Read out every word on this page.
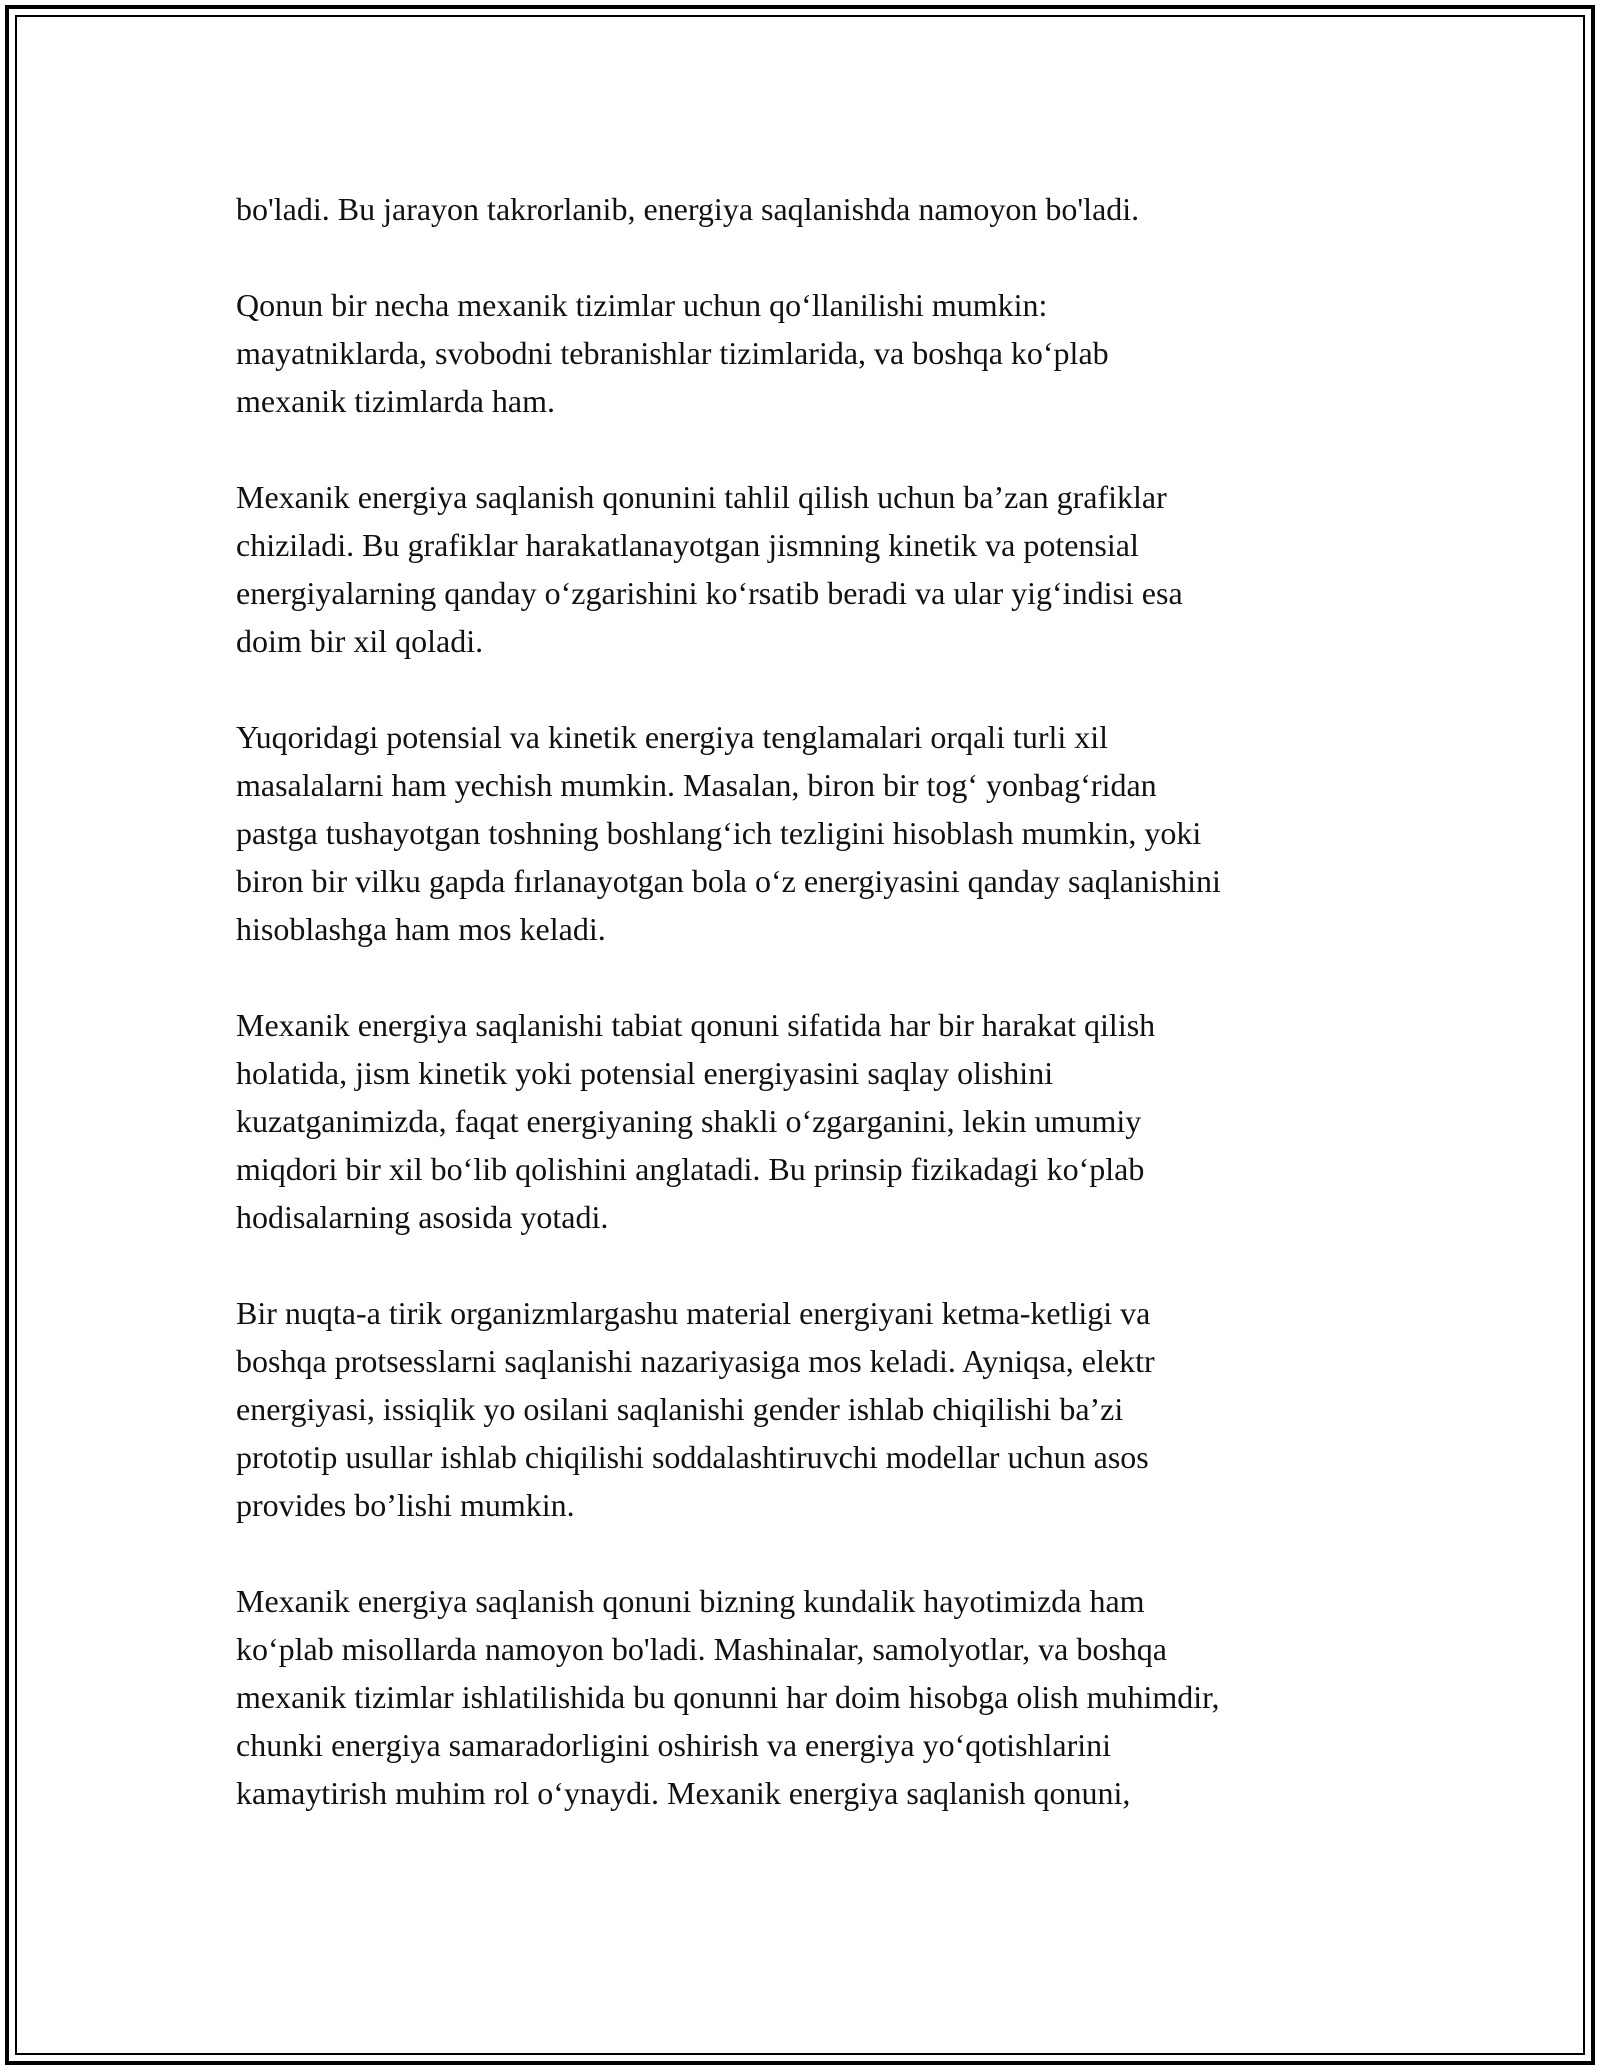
bo'ladi. Bu jarayon takrorlanib, energiya saqlanishda namoyon bo'ladi.

Qonun bir necha mexanik tizimlar uchun qo‘llanilishi mumkin:
mayatniklarda, svobodni tebranishlar tizimlarida, va boshqa ko‘plab
mexanik tizimlarda ham.

Mexanik energiya saqlanish qonunini tahlil qilish uchun ba’zan grafiklar
chiziladi. Bu grafiklar harakatlanayotgan jismning kinetik va potensial
energiyalarning qanday o‘zgarishini ko‘rsatib beradi va ular yig‘indisi esa
doim bir xil qoladi.

Yuqoridagi potensial va kinetik energiya tenglamalari orqali turli xil
masalalarni ham yechish mumkin. Masalan, biron bir tog‘ yonbag‘ridan
pastga tushayotgan toshning boshlang‘ich tezligini hisoblash mumkin, yoki
biron bir vilku gapda fırlanayotgan bola o‘z energiyasini qanday saqlanishini
hisoblashga ham mos keladi.

Mexanik energiya saqlanishi tabiat qonuni sifatida har bir harakat qilish
holatida, jism kinetik yoki potensial energiyasini saqlay olishini
kuzatganimizda, faqat energiyaning shakli o‘zgarganini, lekin umumiy
miqdori bir xil bo‘lib qolishini anglatadi. Bu prinsip fizikadagi ko‘plab
hodisalarning asosida yotadi.

Bir nuqta-a tirik organizmlargashu material energiyani ketma-ketligi va
boshqa protsesslarni saqlanishi nazariyasiga mos keladi. Ayniqsa, elektr
energiyasi, issiqlik yo osilani saqlanishi gender ishlab chiqilishi ba’zi
prototip usullar ishlab chiqilishi soddalashtiruvchi modellar uchun asos
provides bo’lishi mumkin.

Mexanik energiya saqlanish qonuni bizning kundalik hayotimizda ham
ko‘plab misollarda namoyon bo'ladi. Mashinalar, samolyotlar, va boshqa
mexanik tizimlar ishlatilishida bu qonunni har doim hisobga olish muhimdir,
chunki energiya samaradorligini oshirish va energiya yo‘qotishlarini
kamaytirish muhim rol o‘ynaydi. Mexanik energiya saqlanish qonuni,
